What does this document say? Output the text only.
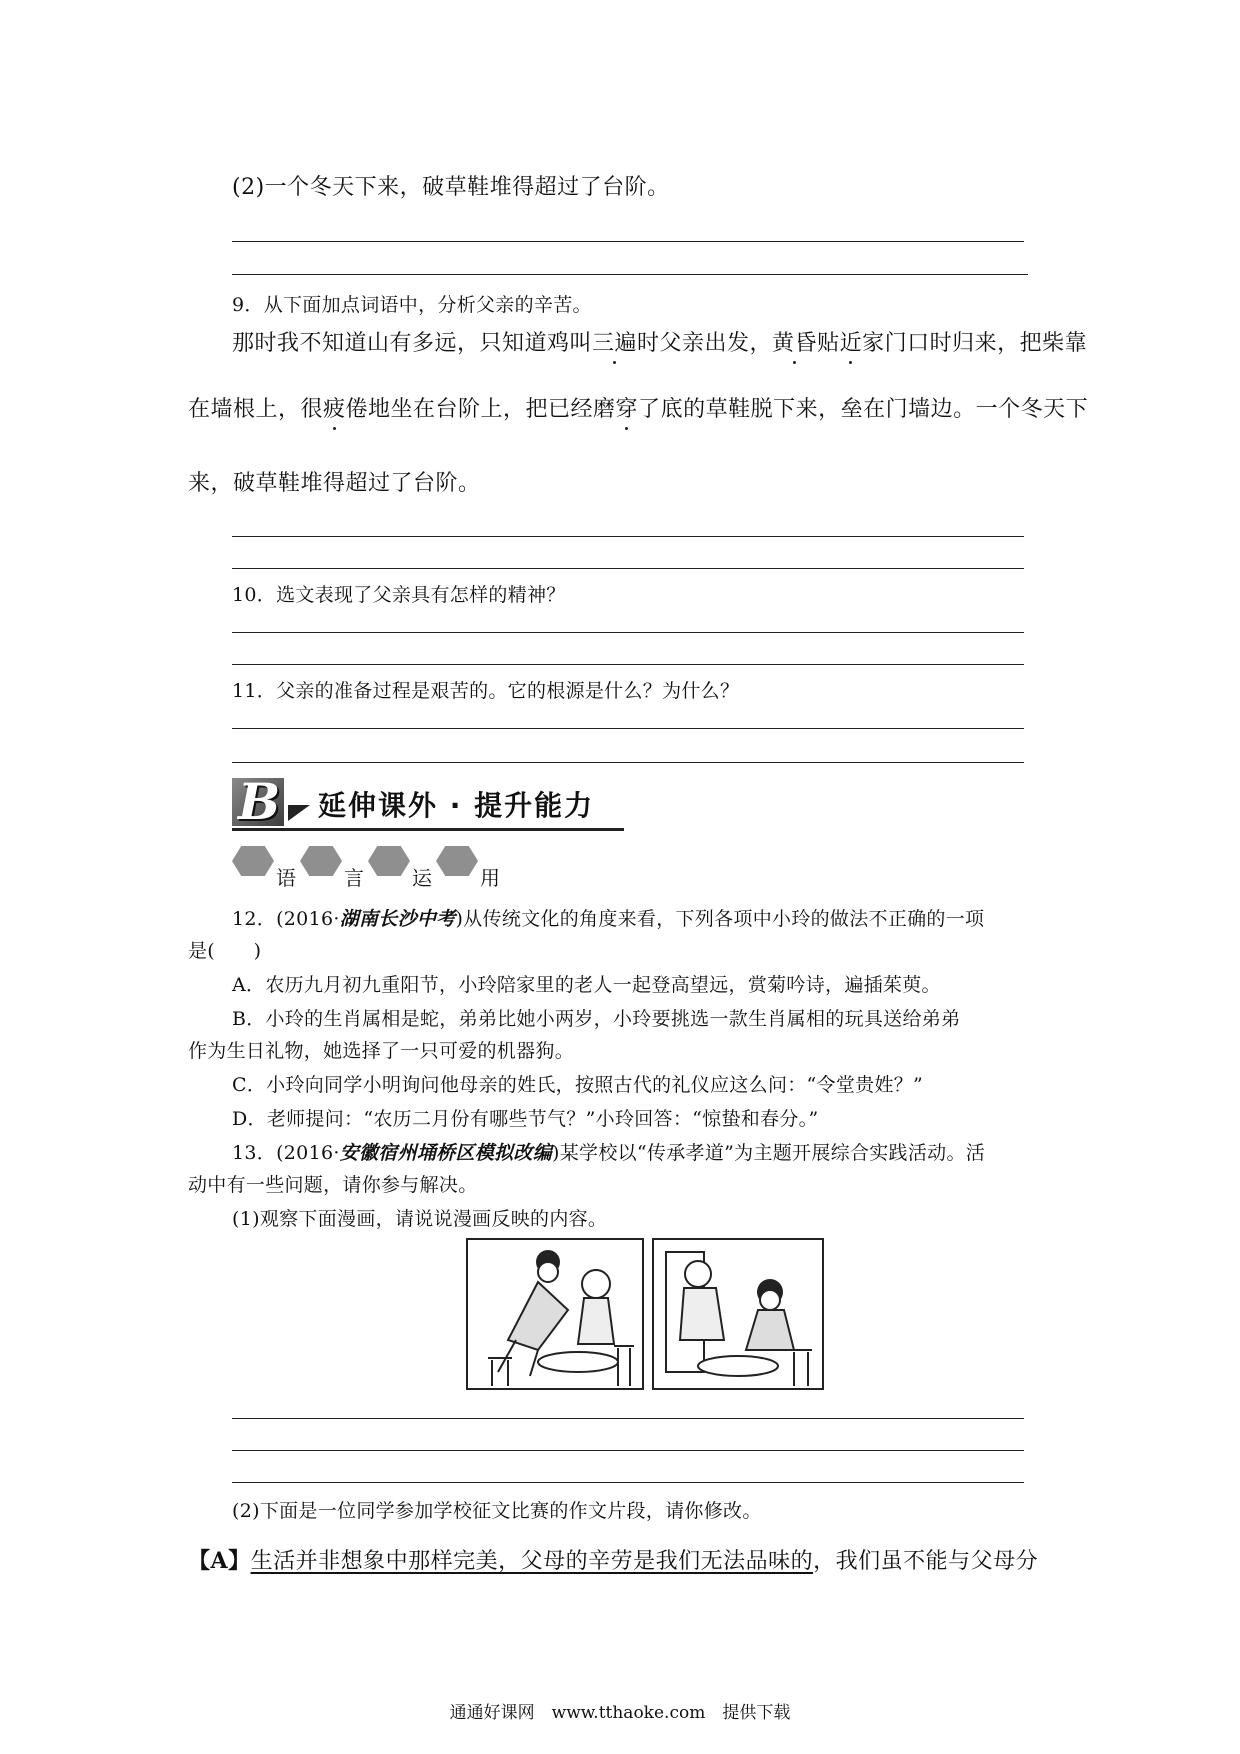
(2)一个冬天下来，破草鞋堆得超过了台阶。
9．从下面加点词语中，分析父亲的辛苦。
那时我不知道山有多远，只知道鸡叫三遍时父亲出发，黄昏贴近家门口时归来，把柴靠
在墙根上，很疲倦地坐在台阶上，把已经磨穿了底的草鞋脱下来，垒在门墙边。一个冬天下
来，破草鞋堆得超过了台阶。
10．选文表现了父亲具有怎样的精神？
11．父亲的准备过程是艰苦的。它的根源是什么？为什么？
B 延伸课外 · 提升能力
语 言 运 用
12．(2016·湖南长沙中考)从传统文化的角度来看，下列各项中小玲的做法不正确的一项
是(　　)
A．农历九月初九重阳节，小玲陪家里的老人一起登高望远，赏菊吟诗，遍插茱萸。
B．小玲的生肖属相是蛇，弟弟比她小两岁，小玲要挑选一款生肖属相的玩具送给弟弟
作为生日礼物，她选择了一只可爱的机器狗。
C．小玲向同学小明询问他母亲的姓氏，按照古代的礼仪应这么问：“令堂贵姓？”
D．老师提问：“农历二月份有哪些节气？”小玲回答：“惊蛰和春分。”
13．(2016·安徽宿州埇桥区模拟改编)某学校以“传承孝道”为主题开展综合实践活动。活
动中有一些问题，请你参与解决。
(1)观察下面漫画，请说说漫画反映的内容。
(2)下面是一位同学参加学校征文比赛的作文片段，请你修改。
【A】生活并非想象中那样完美，父母的辛劳是我们无法品味的，我们虽不能与父母分
通通好课网　www.tthaoke.com　提供下载
